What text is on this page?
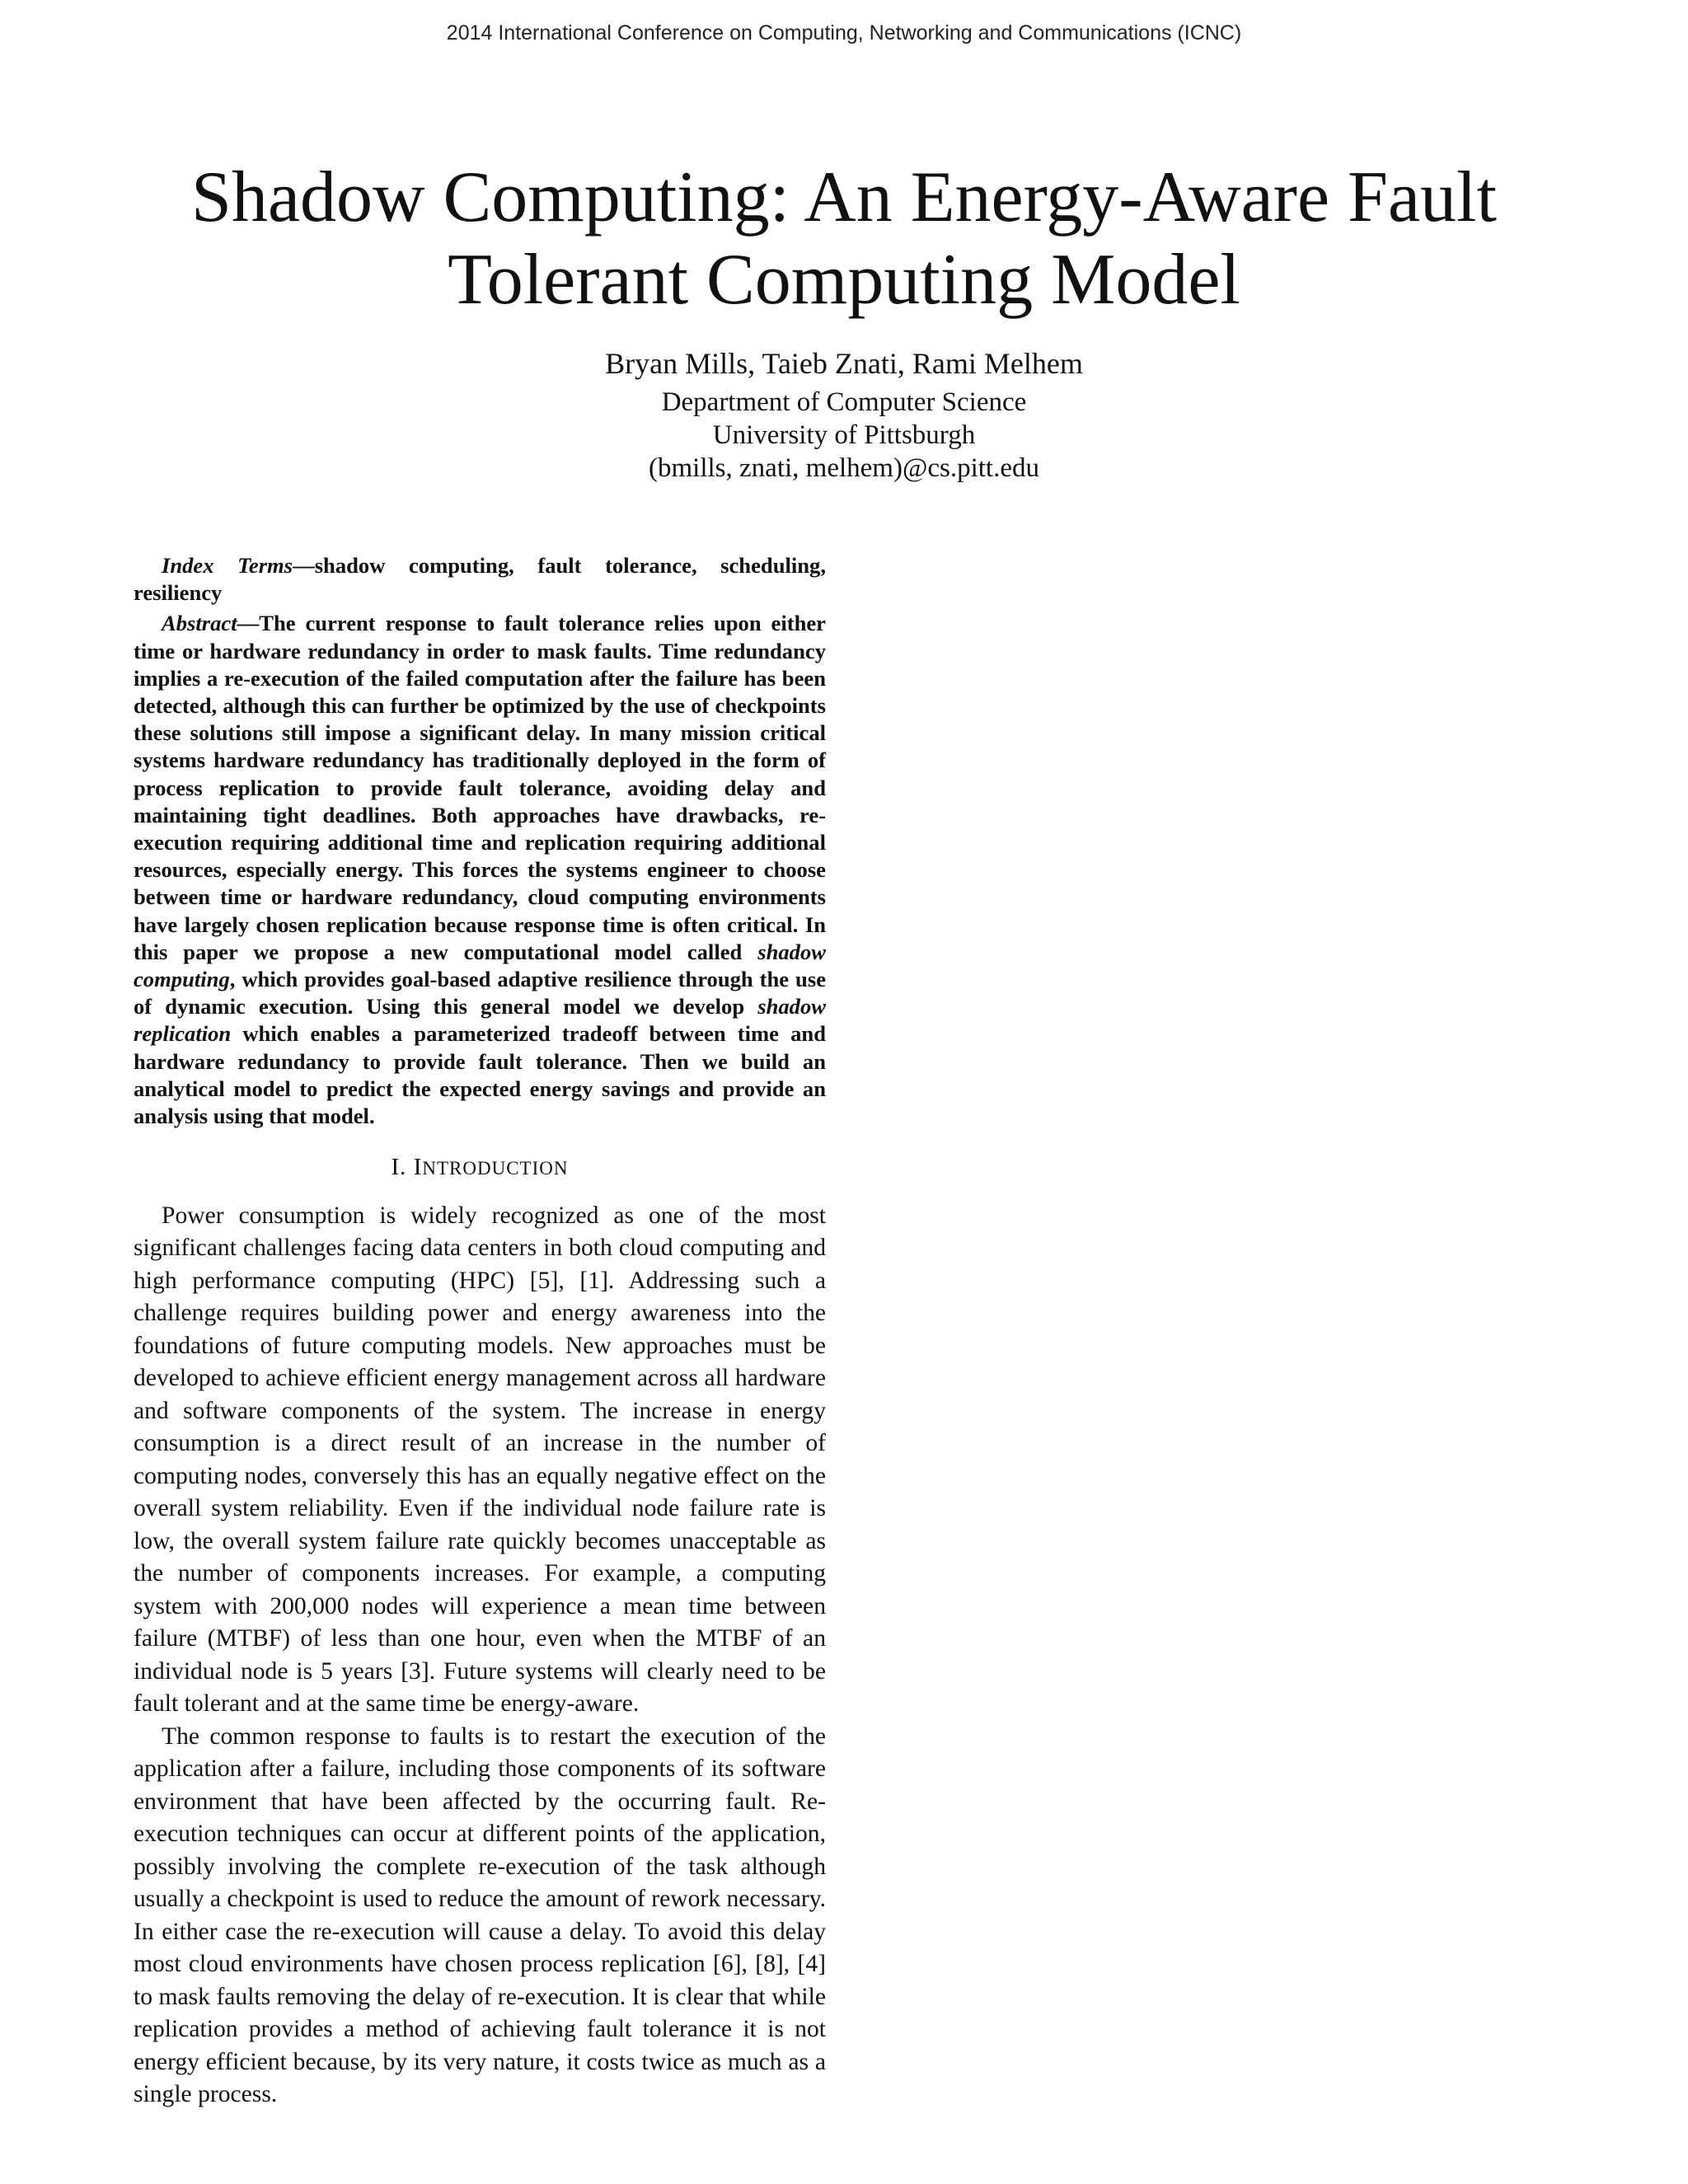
2014 International Conference on Computing, Networking and Communications (ICNC)
Shadow Computing: An Energy-Aware Fault
Tolerant Computing Model
Bryan Mills, Taieb Znati, Rami Melhem
Department of Computer Science
University of Pittsburgh
(bmills, znati, melhem)@cs.pitt.edu

Index Terms—shadow computing, fault tolerance, scheduling, resiliency

Abstract—The current response to fault tolerance relies upon either time or hardware redundancy in order to mask faults. Time redundancy implies a re-execution of the failed computation after the failure has been detected, although this can further be optimized by the use of checkpoints these solutions still impose a significant delay. In many mission critical systems hardware redundancy has traditionally deployed in the form of process replication to provide fault tolerance, avoiding delay and maintaining tight deadlines. Both approaches have drawbacks, re-execution requiring additional time and replication requiring additional resources, especially energy. This forces the systems engineer to choose between time or hardware redundancy, cloud computing environments have largely chosen replication because response time is often critical. In this paper we propose a new computational model called shadow computing, which provides goal-based adaptive resilience through the use of dynamic execution. Using this general model we develop shadow replication which enables a parameterized tradeoff between time and hardware redundancy to provide fault tolerance. Then we build an analytical model to predict the expected energy savings and provide an analysis using that model.

I. INTRODUCTION

Power consumption is widely recognized as one of the most significant challenges facing data centers in both cloud computing and high performance computing (HPC) [5], [1]. Addressing such a challenge requires building power and energy awareness into the foundations of future computing models. New approaches must be developed to achieve efficient energy management across all hardware and software components of the system. The increase in energy consumption is a direct result of an increase in the number of computing nodes, conversely this has an equally negative effect on the overall system reliability. Even if the individual node failure rate is low, the overall system failure rate quickly becomes unacceptable as the number of components increases. For example, a computing system with 200,000 nodes will experience a mean time between failure (MTBF) of less than one hour, even when the MTBF of an individual node is 5 years [3]. Future systems will clearly need to be fault tolerant and at the same time be energy-aware.

The common response to faults is to restart the execution of the application after a failure, including those components of its software environment that have been affected by the occurring fault. Re-execution techniques can occur at different points of the application, possibly involving the complete re-execution of the task although usually a checkpoint is used to reduce the amount of rework necessary. In either case the re-execution will cause a delay. To avoid this delay most cloud environments have chosen process replication [6], [8], [4] to mask faults removing the delay of re-execution. It is clear that while replication provides a method of achieving fault tolerance it is not energy efficient because, by its very nature, it costs twice as much as a single process.
